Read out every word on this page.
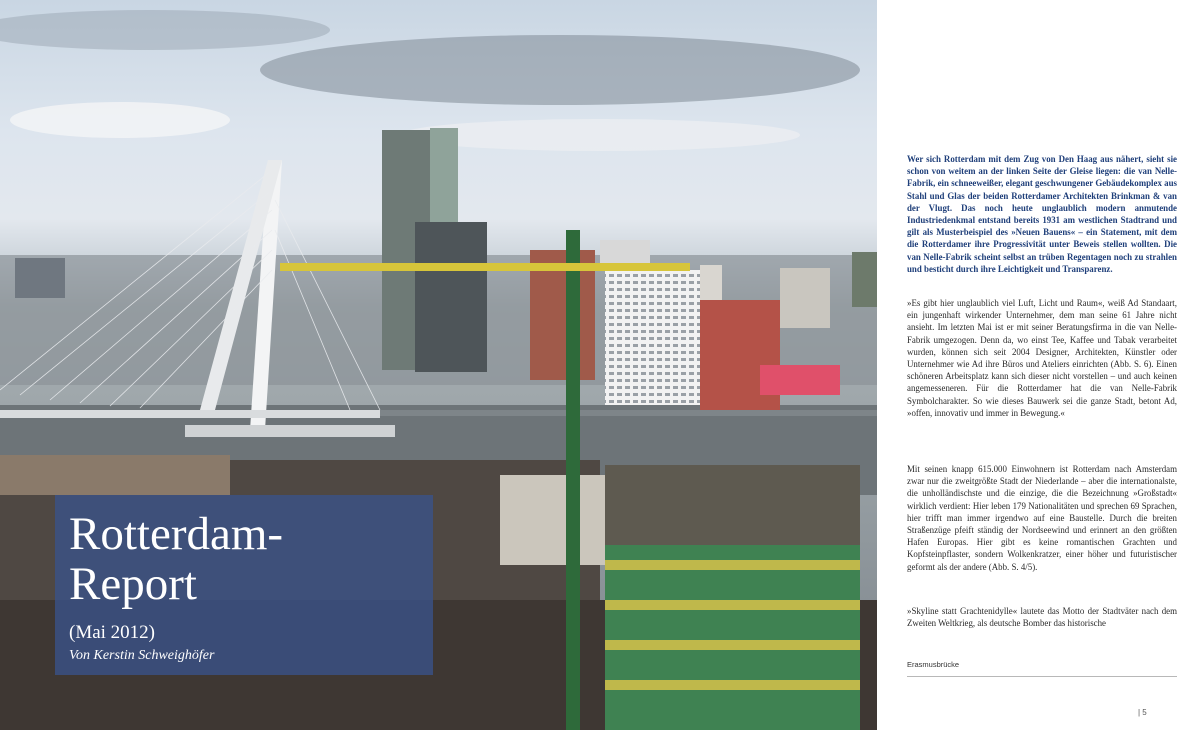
Rotterdam-
Report
(Mai 2012)
Von Kerstin Schweighöfer

Wer sich Rotterdam mit dem Zug von Den Haag aus nähert, sieht sie schon von weitem an der linken Seite der Gleise liegen: die van Nelle-Fabrik, ein schneeweißer, elegant geschwungener Gebäudekomplex aus Stahl und Glas der beiden Rotterdamer Architekten Brinkman & van der Vlugt. Das noch heute unglaublich modern anmutende Industriedenkmal entstand bereits 1931 am westlichen Stadtrand und gilt als Musterbeispiel des »Neuen Bauens« – ein Statement, mit dem die Rotterdamer ihre Progressivität unter Beweis stellen wollten. Die van Nelle-Fabrik scheint selbst an trüben Regentagen noch zu strahlen und besticht durch ihre Leichtigkeit und Transparenz.

»Es gibt hier unglaublich viel Luft, Licht und Raum«, weiß Ad Standaart, ein jungenhaft wirkender Unternehmer, dem man seine 61 Jahre nicht ansieht. Im letzten Mai ist er mit seiner Beratungsfirma in die van Nelle-Fabrik umgezogen. Denn da, wo einst Tee, Kaffee und Tabak verarbeitet wurden, können sich seit 2004 Designer, Architekten, Künstler oder Unternehmer wie Ad ihre Büros und Ateliers einrichten (Abb. S. 6). Einen schöneren Arbeitsplatz kann sich dieser nicht vorstellen – und auch keinen angemesseneren. Für die Rotterdamer hat die van Nelle-Fabrik Symbolcharakter. So wie dieses Bauwerk sei die ganze Stadt, betont Ad, »offen, innovativ und immer in Bewegung.«

Mit seinen knapp 615.000 Einwohnern ist Rotterdam nach Amsterdam zwar nur die zweitgrößte Stadt der Niederlande – aber die internationalste, die unholländischste und die einzige, die die Bezeichnung »Großstadt« wirklich verdient: Hier leben 179 Nationalitäten und sprechen 69 Sprachen, hier trifft man immer irgendwo auf eine Baustelle. Durch die breiten Straßenzüge pfeift ständig der Nordseewind und erinnert an den größten Hafen Europas. Hier gibt es keine romantischen Grachten und Kopfsteinpflaster, sondern Wolkenkratzer, einer höher und futuristischer geformt als der andere (Abb. S. 4/5).

»Skyline statt Grachtenidylle« lautete das Motto der Stadtväter nach dem Zweiten Weltkrieg, als deutsche Bomber das historische

Erasmusbrücke
| 5
